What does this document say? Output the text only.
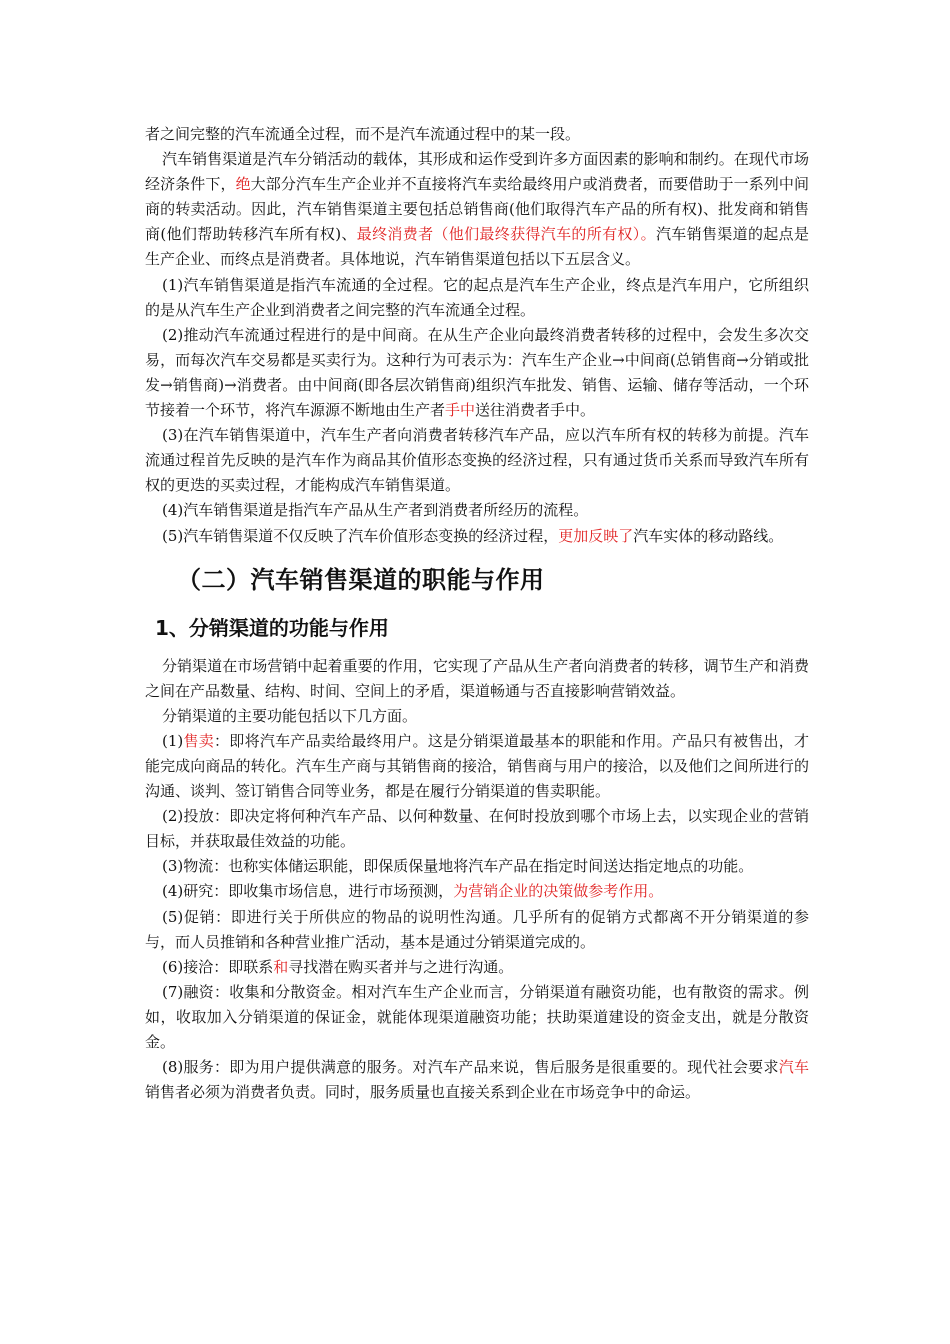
者之间完整的汽车流通全过程，而不是汽车流通过程中的某一段。

汽车销售渠道是汽车分销活动的载体，其形成和运作受到许多方面因素的影响和制约。在现代市场经济条件下，绝大部分汽车生产企业并不直接将汽车卖给最终用户或消费者，而要借助于一系列中间商的转卖活动。因此，汽车销售渠道主要包括总销售商(他们取得汽车产品的所有权)、批发商和销售商(他们帮助转移汽车所有权)、最终消费者（他们最终获得汽车的所有权）。汽车销售渠道的起点是生产企业、而终点是消费者。具体地说，汽车销售渠道包括以下五层含义。

(1)汽车销售渠道是指汽车流通的全过程。它的起点是汽车生产企业，终点是汽车用户，它所组织的是从汽车生产企业到消费者之间完整的汽车流通全过程。

(2)推动汽车流通过程进行的是中间商。在从生产企业向最终消费者转移的过程中，会发生多次交易，而每次汽车交易都是买卖行为。这种行为可表示为：汽车生产企业→中间商(总销售商→分销或批发→销售商)→消费者。由中间商(即各层次销售商)组织汽车批发、销售、运输、储存等活动，一个环节接着一个环节，将汽车源源不断地由生产者手中送往消费者手中。

(3)在汽车销售渠道中，汽车生产者向消费者转移汽车产品，应以汽车所有权的转移为前提。汽车流通过程首先反映的是汽车作为商品其价值形态变换的经济过程，只有通过货币关系而导致汽车所有权的更迭的买卖过程，才能构成汽车销售渠道。

(4)汽车销售渠道是指汽车产品从生产者到消费者所经历的流程。

(5)汽车销售渠道不仅反映了汽车价值形态变换的经济过程，更加反映了汽车实体的移动路线。

（二）汽车销售渠道的职能与作用
1、分销渠道的功能与作用

分销渠道在市场营销中起着重要的作用，它实现了产品从生产者向消费者的转移，调节生产和消费之间在产品数量、结构、时间、空间上的矛盾，渠道畅通与否直接影响营销效益。

分销渠道的主要功能包括以下几方面。

(1)售卖：即将汽车产品卖给最终用户。这是分销渠道最基本的职能和作用。产品只有被售出，才能完成向商品的转化。汽车生产商与其销售商的接洽，销售商与用户的接洽，以及他们之间所进行的沟通、谈判、签订销售合同等业务，都是在履行分销渠道的售卖职能。

(2)投放：即决定将何种汽车产品、以何种数量、在何时投放到哪个市场上去，以实现企业的营销目标，并获取最佳效益的功能。

(3)物流：也称实体储运职能，即保质保量地将汽车产品在指定时间送达指定地点的功能。

(4)研究：即收集市场信息，进行市场预测，为营销企业的决策做参考作用。

(5)促销：即进行关于所供应的物品的说明性沟通。几乎所有的促销方式都离不开分销渠道的参与，而人员推销和各种营业推广活动，基本是通过分销渠道完成的。

(6)接洽：即联系和寻找潜在购买者并与之进行沟通。

(7)融资：收集和分散资金。相对汽车生产企业而言，分销渠道有融资功能，也有散资的需求。例如，收取加入分销渠道的保证金，就能体现渠道融资功能；扶助渠道建设的资金支出，就是分散资金。

(8)服务：即为用户提供满意的服务。对汽车产品来说，售后服务是很重要的。现代社会要求汽车销售者必须为消费者负责。同时，服务质量也直接关系到企业在市场竞争中的命运。
